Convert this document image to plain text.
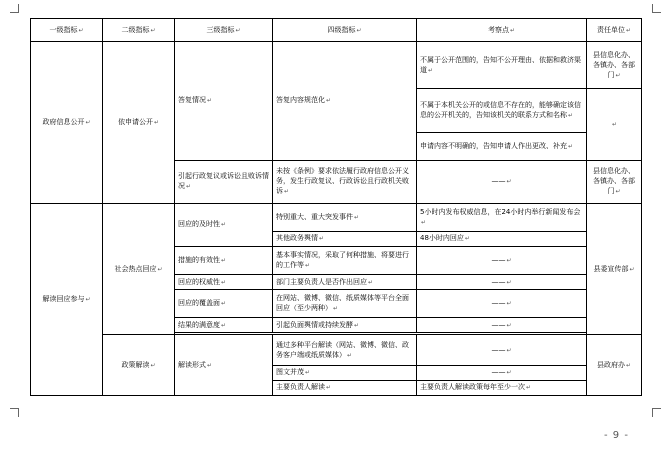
一级指标↵	二级指标↵	三级指标↵	四级指标↵	考察点↵	责任单位↵
政府信息公开↵	依申请公开↵	答复情况↵	答复内容规范化↵	不属于公开范围的，告知不公开理由、依据和救济渠道↵	县信息化办、各镇办、各部门↵
				不属于本机关公开的或信息不存在的，能够确定该信息的公开机关的，告知该机关的联系方式和名称↵	↵
				申请内容不明确的，告知申请人作出更改、补充↵	
		引起行政复议或诉讼且败诉情况↵	未按《条例》要求依法履行政府信息公开义务，发生行政复议、行政诉讼且行政机关败诉↵	——↵	县信息化办、各镇办、各部门↵
解读回应参与↵	社会热点回应↵	回应的及时性↵	特别重大、重大突发事件↵	5小时内发布权威信息，在24小时内举行新闻发布会↵	县委宣传部↵
			其他政务舆情↵	48小时内回应↵	
		措施的有效性↵	基本事实情况，采取了何种措施、将要进行的工作等↵	——↵	
		回应的权威性↵	部门主要负责人是否作出回应↵	——↵	
		回应的覆盖面↵	在网站、微博、微信、纸质媒体等平台全面回应（至少两种）↵	——↵	
		结果的满意度↵	引起负面舆情或持续发酵↵	——↵	

	政策解读↵	解读形式↵	通过多种平台解读（网站、微博、微信、政务客户端或纸质媒体）↵	——↵	县政府办↵
			图文并茂↵	——↵	
			主要负责人解读↵	主要负责人解读政策每年至少一次↵	
- 9 -
